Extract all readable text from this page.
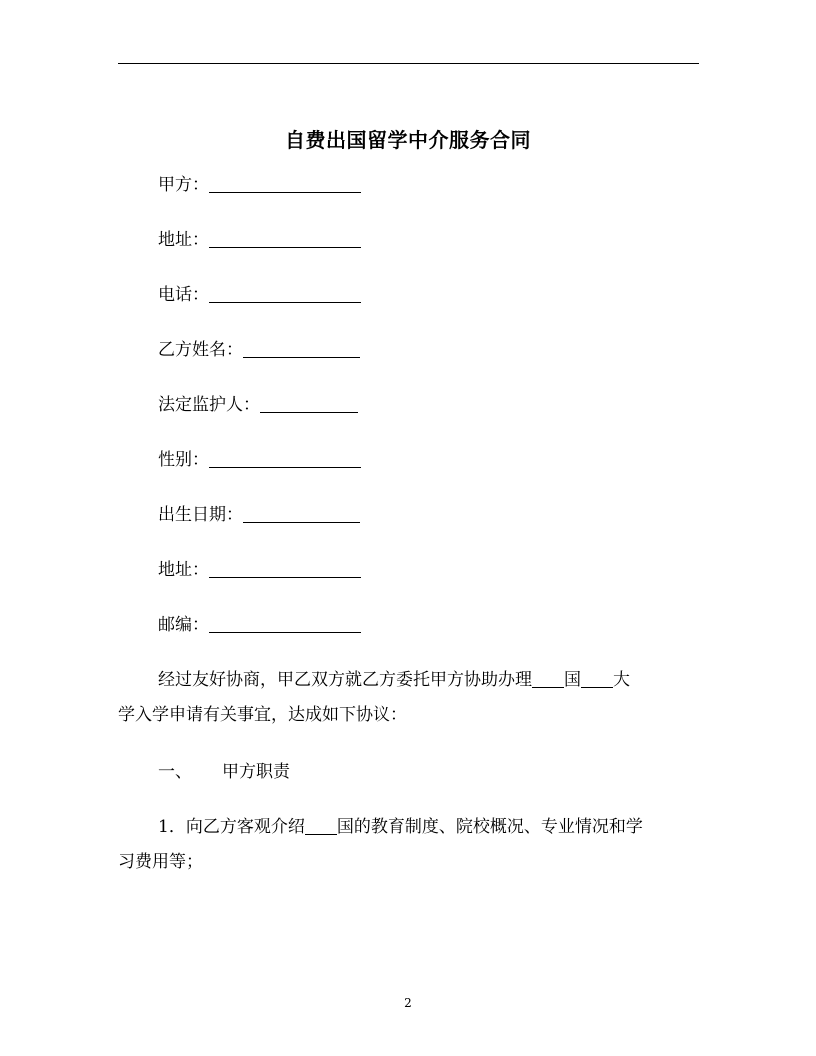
自费出国留学中介服务合同
甲方：
地址：
电话：
乙方姓名：
法定监护人：
性别：
出生日期：
地址：
邮编：
经过友好协商，甲乙双方就乙方委托甲方协助办理 国 大
学入学申请有关事宜，达成如下协议：
一、 甲方职责
1．向乙方客观介绍 国的教育制度、院校概况、专业情况和学
习费用等；
2
